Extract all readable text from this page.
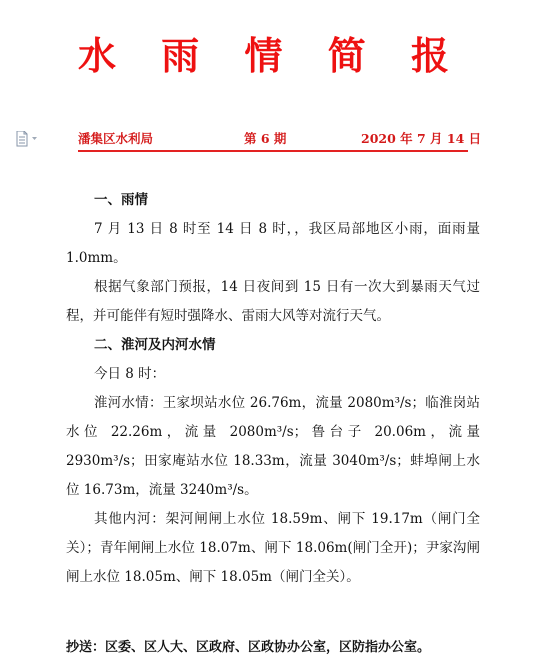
水 雨 情 简 报
潘集区水利局	第 6 期	2020 年 7 月 14 日
一、雨情

7 月 13 日 8 时至 14 日 8 时，，我区局部地区小雨，面雨量 1.0mm。

根据气象部门预报，14 日夜间到 15 日有一次大到暴雨天气过程，并可能伴有短时强降水、雷雨大风等对流行天气。

二、淮河及内河水情

今日 8 时：

淮河水情：王家坝站水位 26.76m，流量 2080m³/s；临淮岗站水位 22.26m，流量 2080m³/s；鲁台子 20.06m，流量 2930m³/s；田家庵站水位 18.33m，流量 3040m³/s；蚌埠闸上水位 16.73m，流量 3240m³/s。

其他内河：架河闸闸上水位 18.59m、闸下 19.17m（闸门全关）；青年闸闸上水位 18.07m、闸下 18.06m(闸门全开)；尹家沟闸闸上水位 18.05m、闸下 18.05m（闸门全关）。

抄送：区委、区人大、区政府、区政协办公室，区防指办公室。
